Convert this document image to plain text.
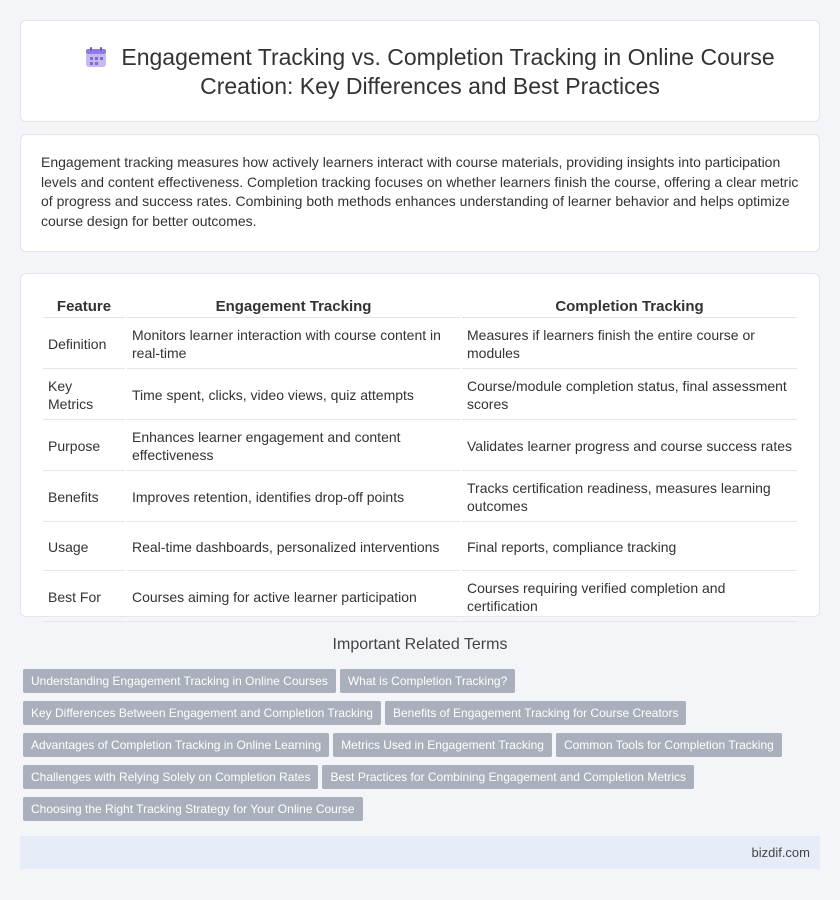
Engagement Tracking vs. Completion Tracking in Online Course Creation: Key Differences and Best Practices

Engagement tracking measures how actively learners interact with course materials, providing insights into participation levels and content effectiveness. Completion tracking focuses on whether learners finish the course, offering a clear metric of progress and success rates. Combining both methods enhances understanding of learner behavior and helps optimize course design for better outcomes.

Feature	Engagement Tracking	Completion Tracking
Definition	Monitors learner interaction with course content in real-time	Measures if learners finish the entire course or modules
Key Metrics	Time spent, clicks, video views, quiz attempts	Course/module completion status, final assessment scores
Purpose	Enhances learner engagement and content effectiveness	Validates learner progress and course success rates
Benefits	Improves retention, identifies drop-off points	Tracks certification readiness, measures learning outcomes
Usage	Real-time dashboards, personalized interventions	Final reports, compliance tracking
Best For	Courses aiming for active learner participation	Courses requiring verified completion and certification
Important Related Terms
Understanding Engagement Tracking in Online Courses What is Completion Tracking?
Key Differences Between Engagement and Completion Tracking Benefits of Engagement Tracking for Course Creators
Advantages of Completion Tracking in Online Learning Metrics Used in Engagement Tracking Common Tools for Completion Tracking
Challenges with Relying Solely on Completion Rates Best Practices for Combining Engagement and Completion Metrics
Choosing the Right Tracking Strategy for Your Online Course
bizdif.com
